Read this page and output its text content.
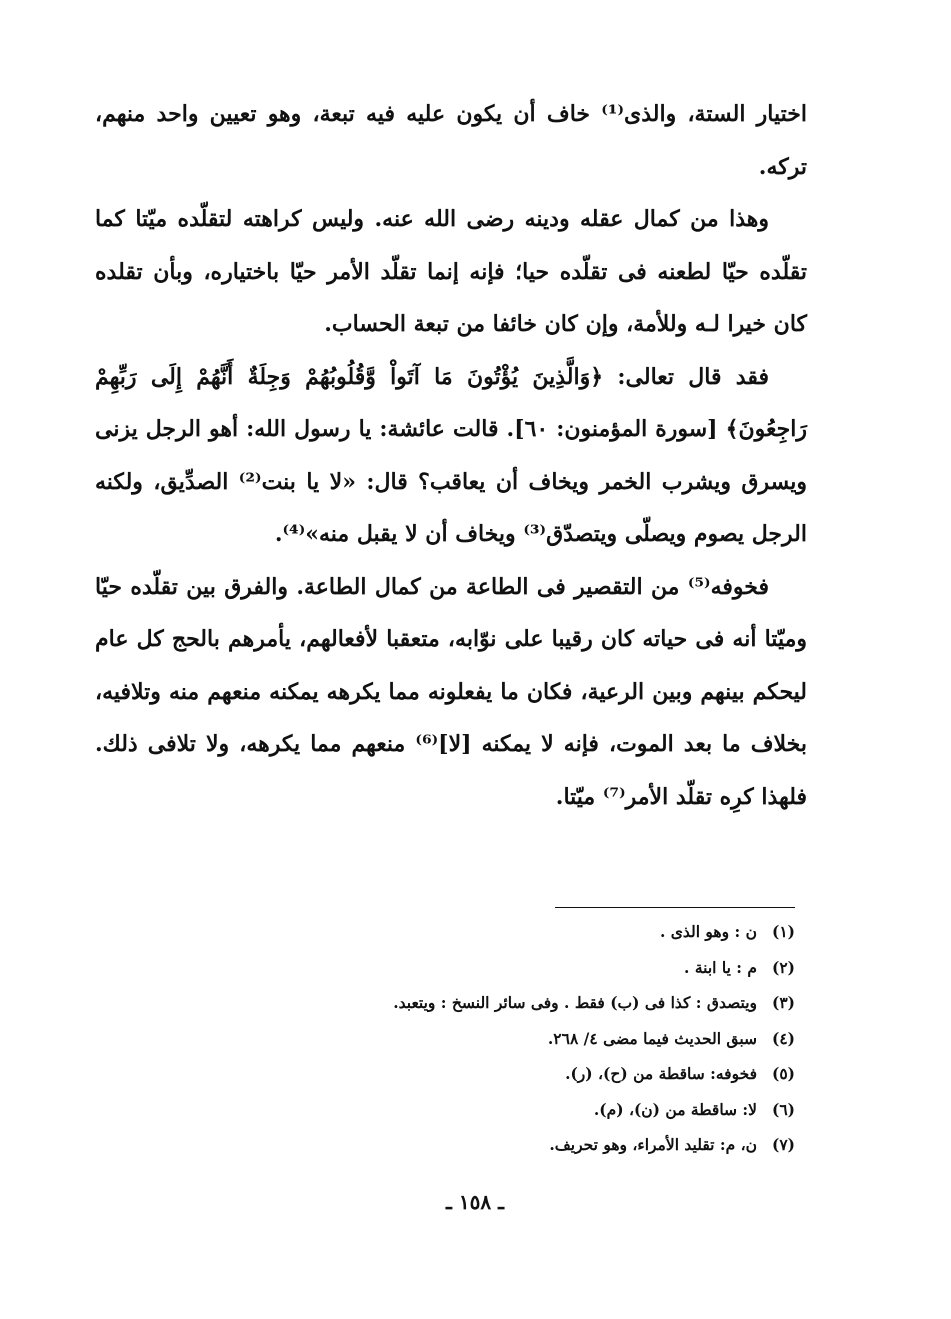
اختيار الستة، والذى⁽¹⁾ خاف أن يكون عليه فيه تبعة، وهو تعيين واحد منهم، تركه.

وهذا من كمال عقله ودينه رضى الله عنه. وليس كراهته لتقلّده ميّتا كما تقلّده حيّا لطعنه فى تقلّده حيا؛ فإنه إنما تقلّد الأمر حيّا باختياره، وبأن تقلده كان خيرا لـه وللأمة، وإن كان خائفا من تبعة الحساب.

فقد قال تعالى: ﴿وَالَّذِينَ يُؤْتُونَ مَا آتَواْ وَّقُلُوبُهُمْ وَجِلَةٌ أَنَّهُمْ إِلَى رَبِّهِمْ رَاجِعُونَ﴾ [سورة المؤمنون: ٦٠]. قالت عائشة: يا رسول الله: أهو الرجل يزنى ويسرق ويشرب الخمر ويخاف أن يعاقب؟ قال: «لا يا بنت⁽²⁾ الصدِّيق، ولكنه الرجل يصوم ويصلّى ويتصدّق⁽³⁾ ويخاف أن لا يقبل منه»⁽⁴⁾.

فخوفه⁽⁵⁾ من التقصير فى الطاعة من كمال الطاعة. والفرق بين تقلّده حيّا وميّتا أنه فى حياته كان رقيبا على نوّابه، متعقبا لأفعالهم، يأمرهم بالحج كل عام ليحكم بينهم وبين الرعية، فكان ما يفعلونه مما يكرهه يمكنه منعهم منه وتلافيه، بخلاف ما بعد الموت، فإنه لا يمكنه [لا]⁽⁶⁾ منعهم مما يكرهه، ولا تلافى ذلك. فلهذا كرِه تقلّد الأمر⁽⁷⁾ ميّتا.

(١)
ن : وهو الذى .
(٢)
م : يا ابنة .
(٣)
ويتصدق : كذا فى (ب) فقط . وفى سائر النسخ : ويتعبد.
(٤)
سبق الحديث فيما مضى ٤/ ٢٦٨.
(٥)
فخوفه: ساقطة من (ح)، (ر).
(٦)
لا: ساقطة من (ن)، (م).
(٧)
ن، م: تقليد الأمراء، وهو تحريف.
ـ ١٥٨ ـ
